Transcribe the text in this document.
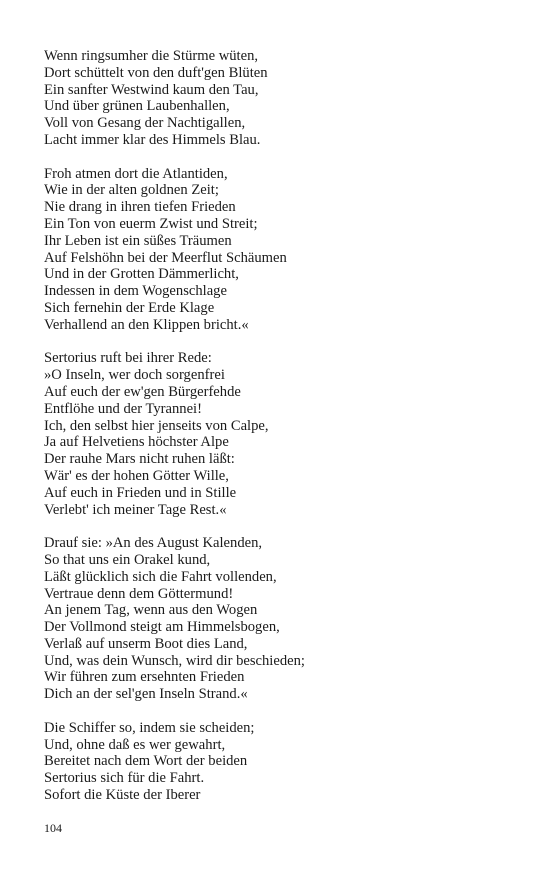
Wenn ringsumher die Stürme wüten,
Dort schüttelt von den duft'gen Blüten
Ein sanfter Westwind kaum den Tau,
Und über grünen Laubenhallen,
Voll von Gesang der Nachtigallen,
Lacht immer klar des Himmels Blau.
Froh atmen dort die Atlantiden,
Wie in der alten goldnen Zeit;
Nie drang in ihren tiefen Frieden
Ein Ton von euerm Zwist und Streit;
Ihr Leben ist ein süßes Träumen
Auf Felshöhn bei der Meerflut Schäumen
Und in der Grotten Dämmerlicht,
Indessen in dem Wogenschlage
Sich fernehin der Erde Klage
Verhallend an den Klippen bricht.«
Sertorius ruft bei ihrer Rede:
»O Inseln, wer doch sorgenfrei
Auf euch der ew'gen Bürgerfehde
Entflöhe und der Tyrannei!
Ich, den selbst hier jenseits von Calpe,
Ja auf Helvetiens höchster Alpe
Der rauhe Mars nicht ruhen läßt:
Wär' es der hohen Götter Wille,
Auf euch in Frieden und in Stille
Verlebt' ich meiner Tage Rest.«
Drauf sie: »An des August Kalenden,
So that uns ein Orakel kund,
Läßt glücklich sich die Fahrt vollenden,
Vertraue denn dem Göttermund!
An jenem Tag, wenn aus den Wogen
Der Vollmond steigt am Himmelsbogen,
Verlaß auf unserm Boot dies Land,
Und, was dein Wunsch, wird dir beschieden;
Wir führen zum ersehnten Frieden
Dich an der sel'gen Inseln Strand.«
Die Schiffer so, indem sie scheiden;
Und, ohne daß es wer gewahrt,
Bereitet nach dem Wort der beiden
Sertorius sich für die Fahrt.
Sofort die Küste der Iberer
104
